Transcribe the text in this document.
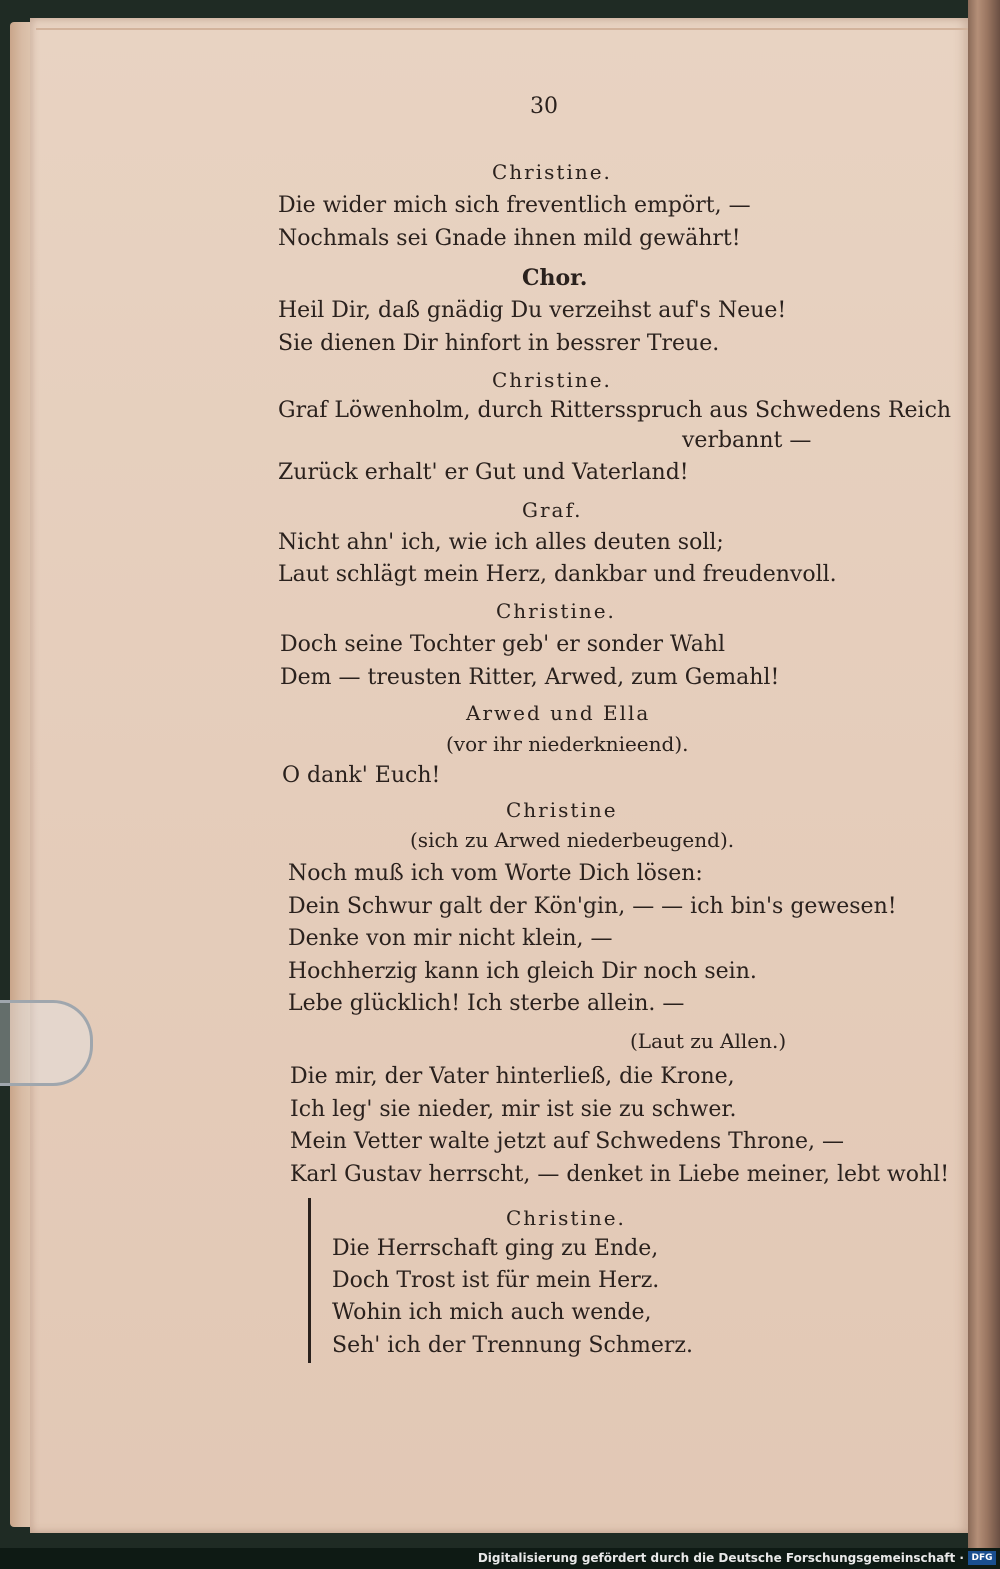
30
Christine.
Die wider mich sich freventlich empört, —
Nochmals sei Gnade ihnen mild gewährt!
Chor.
Heil Dir, daß gnädig Du verzeihst auf's Neue!
Sie dienen Dir hinfort in bessrer Treue.
Christine.
Graf Löwenholm, durch Rittersspruch aus Schwedens Reich
verbannt —
Zurück erhalt' er Gut und Vaterland!
Graf.
Nicht ahn' ich, wie ich alles deuten soll;
Laut schlägt mein Herz, dankbar und freudenvoll.
Christine.
Doch seine Tochter geb' er sonder Wahl
Dem — treusten Ritter, Arwed, zum Gemahl!
Arwed und Ella
(vor ihr niederknieend).
O dank' Euch!
Christine
(sich zu Arwed niederbeugend).
Noch muß ich vom Worte Dich lösen:
Dein Schwur galt der Kön'gin, — — ich bin's gewesen!
Denke von mir nicht klein, —
Hochherzig kann ich gleich Dir noch sein.
Lebe glücklich! Ich sterbe allein. —
(Laut zu Allen.)
Die mir, der Vater hinterließ, die Krone,
Ich leg' sie nieder, mir ist sie zu schwer.
Mein Vetter walte jetzt auf Schwedens Throne, —
Karl Gustav herrscht, — denket in Liebe meiner, lebt wohl!
Christine.
Die Herrschaft ging zu Ende,
Doch Trost ist für mein Herz.
Wohin ich mich auch wende,
Seh' ich der Trennung Schmerz.
Digitalisierung gefördert durch die Deutsche Forschungsgemeinschaft · DFG
